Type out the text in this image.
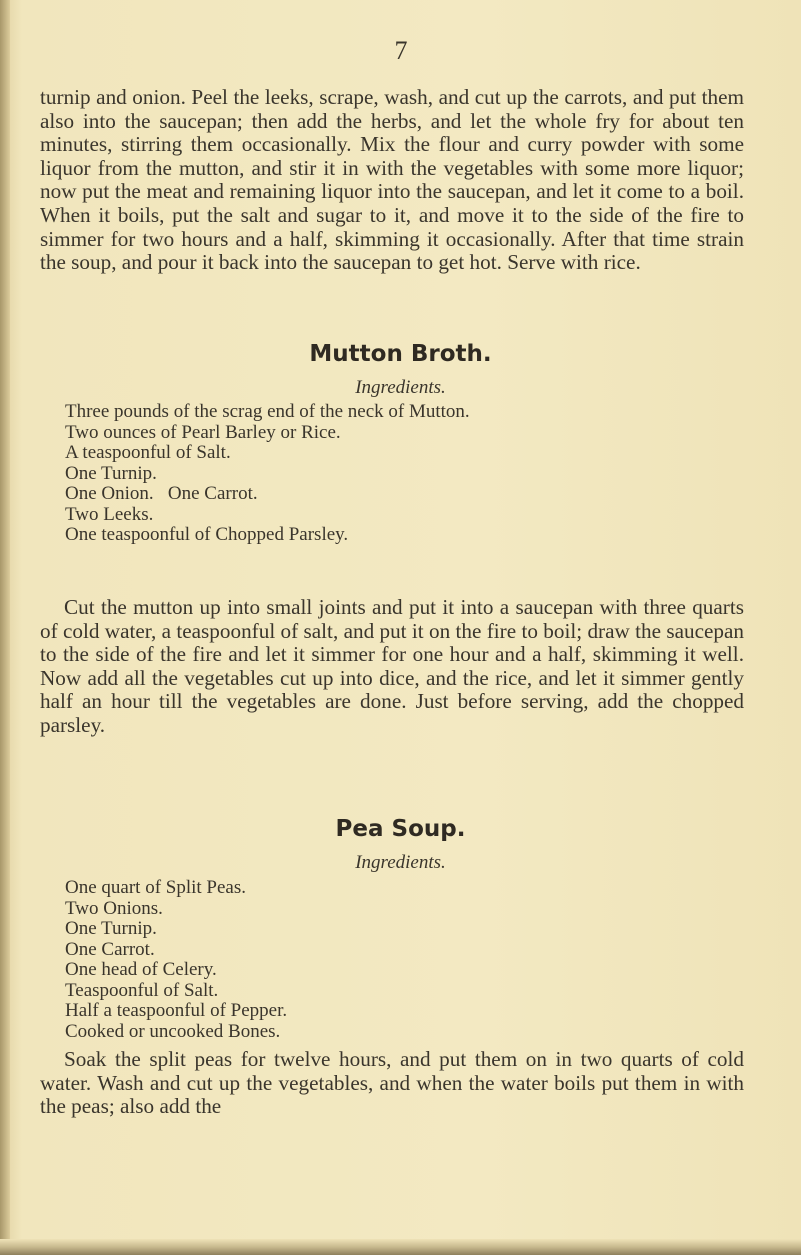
7

turnip and onion. Peel the leeks, scrape, wash, and cut up the carrots, and put them also into the saucepan; then add the herbs, and let the whole fry for about ten minutes, stirring them occasionally. Mix the flour and curry powder with some liquor from the mutton, and stir it in with the vegetables with some more liquor; now put the meat and remaining liquor into the saucepan, and let it come to a boil. When it boils, put the salt and sugar to it, and move it to the side of the fire to simmer for two hours and a half, skimming it occasionally. After that time strain the soup, and pour it back into the saucepan to get hot. Serve with rice.

Mutton Broth.
Ingredients.
Three pounds of the scrag end of the neck of Mutton.
Two ounces of Pearl Barley or Rice.
A teaspoonful of Salt.
One Turnip.
One Onion.   One Carrot.
Two Leeks.
One teaspoonful of Chopped Parsley.

Cut the mutton up into small joints and put it into a saucepan with three quarts of cold water, a teaspoonful of salt, and put it on the fire to boil; draw the saucepan to the side of the fire and let it simmer for one hour and a half, skimming it well. Now add all the vegetables cut up into dice, and the rice, and let it simmer gently half an hour till the vegetables are done. Just before serving, add the chopped parsley.

Pea Soup.
Ingredients.
One quart of Split Peas.
Two Onions.
One Turnip.
One Carrot.
One head of Celery.
Teaspoonful of Salt.
Half a teaspoonful of Pepper.
Cooked or uncooked Bones.

Soak the split peas for twelve hours, and put them on in two quarts of cold water. Wash and cut up the vegetables, and when the water boils put them in with the peas; also add the
